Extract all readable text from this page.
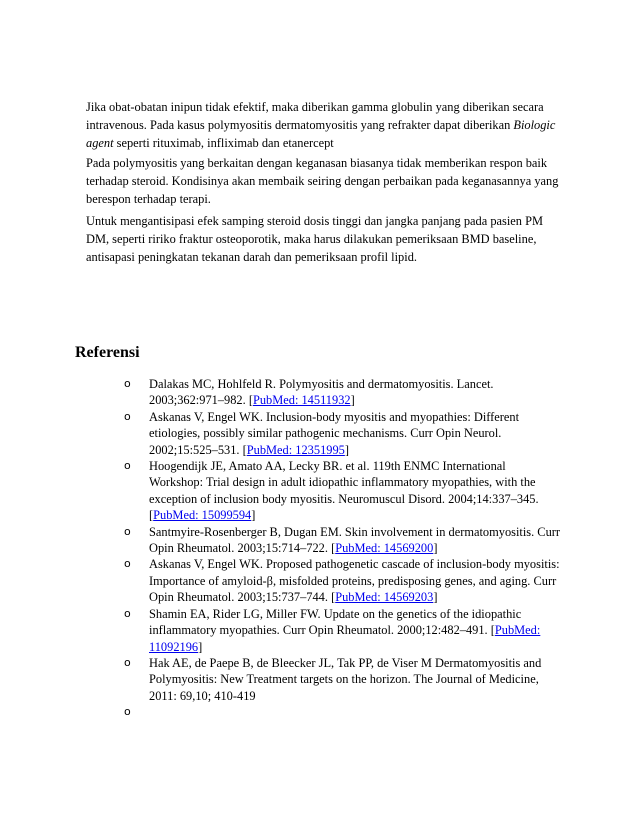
Jika obat-obatan inipun tidak efektif, maka diberikan gamma globulin yang diberikan secara intravenous. Pada kasus polymyositis dermatomyositis yang refrakter dapat diberikan Biologic agent seperti rituximab, infliximab dan etanercept

Pada polymyositis yang berkaitan dengan keganasan biasanya tidak memberikan respon baik terhadap steroid. Kondisinya akan membaik seiring dengan perbaikan pada keganasannya yang berespon terhadap terapi.

Untuk mengantisipasi efek samping steroid dosis tinggi dan jangka panjang pada pasien PM DM, seperti ririko fraktur osteoporotik, maka harus dilakukan pemeriksaan BMD baseline, antisapasi peningkatan tekanan darah dan pemeriksaan profil lipid.

Referensi
o	Dalakas MC, Hohlfeld R. Polymyositis and dermatomyositis. Lancet. 2003;362:971–982. [PubMed: 14511932]
o	Askanas V, Engel WK. Inclusion-body myositis and myopathies: Different etiologies, possibly similar pathogenic mechanisms. Curr Opin Neurol. 2002;15:525–531. [PubMed: 12351995]
o	Hoogendijk JE, Amato AA, Lecky BR. et al. 119th ENMC International Workshop: Trial design in adult idiopathic inflammatory myopathies, with the exception of inclusion body myositis. Neuromuscul Disord. 2004;14:337–345. [PubMed: 15099594]
o	Santmyire-Rosenberger B, Dugan EM. Skin involvement in dermatomyositis. Curr Opin Rheumatol. 2003;15:714–722. [PubMed: 14569200]
o	Askanas V, Engel WK. Proposed pathogenetic cascade of inclusion-body myositis: Importance of amyloid-β, misfolded proteins, predisposing genes, and aging. Curr Opin Rheumatol. 2003;15:737–744. [PubMed: 14569203]
o	Shamin EA, Rider LG, Miller FW. Update on the genetics of the idiopathic inflammatory myopathies. Curr Opin Rheumatol. 2000;12:482–491. [PubMed: 11092196]
o	Hak AE, de Paepe B, de Bleecker JL, Tak PP, de Viser M Dermatomyositis and Polymyositis: New Treatment targets on the horizon. The Journal of Medicine, 2011: 69,10; 410-419
o
